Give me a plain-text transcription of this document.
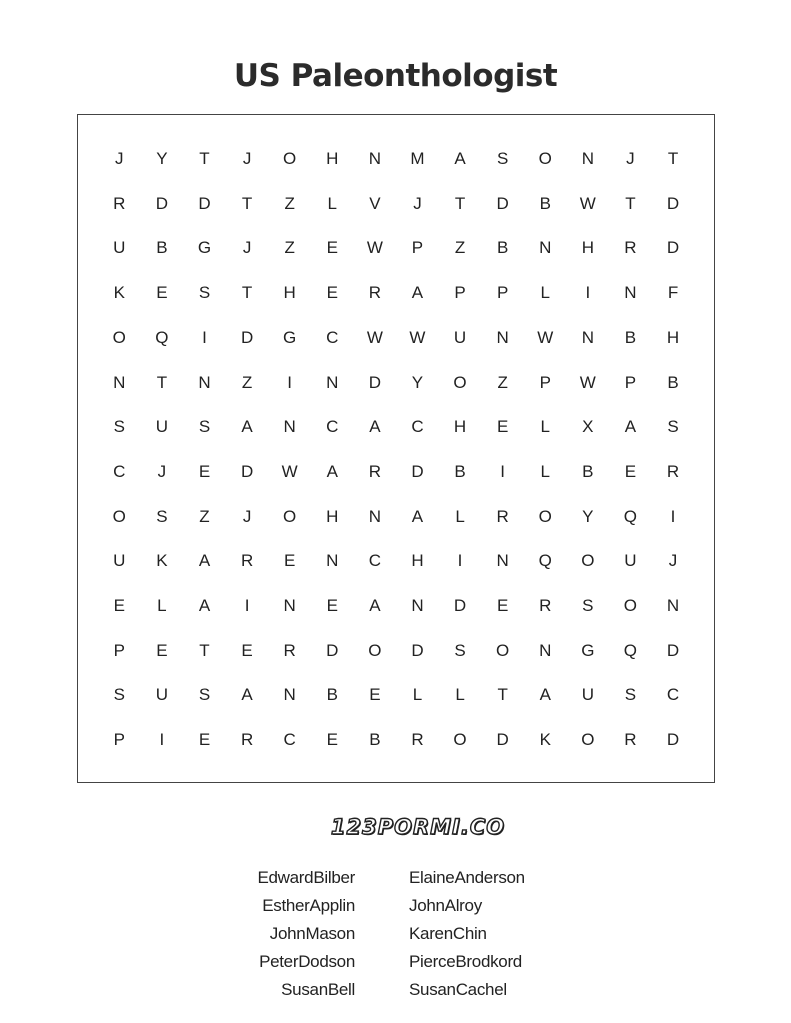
US Paleonthologist
J	Y	T	J	O	H	N	M	A	S	O	N	J	T
R	D	D	T	Z	L	V	J	T	D	B	W	T	D
U	B	G	J	Z	E	W	P	Z	B	N	H	R	D
K	E	S	T	H	E	R	A	P	P	L	I	N	F
O	Q	I	D	G	C	W	W	U	N	W	N	B	H
N	T	N	Z	I	N	D	Y	O	Z	P	W	P	B
S	U	S	A	N	C	A	C	H	E	L	X	A	S
C	J	E	D	W	A	R	D	B	I	L	B	E	R
O	S	Z	J	O	H	N	A	L	R	O	Y	Q	I
U	K	A	R	E	N	C	H	I	N	Q	O	U	J
E	L	A	I	N	E	A	N	D	E	R	S	O	N
P	E	T	E	R	D	O	D	S	O	N	G	Q	D
S	U	S	A	N	B	E	L	L	T	A	U	S	C
P	I	E	R	C	E	B	R	O	D	K	O	R	D
123PORMI.CO
EdwardBilber
EstherApplin
JohnMason
PeterDodson
SusanBell
ElaineAnderson
JohnAlroy
KarenChin
PierceBrodkord
SusanCachel
